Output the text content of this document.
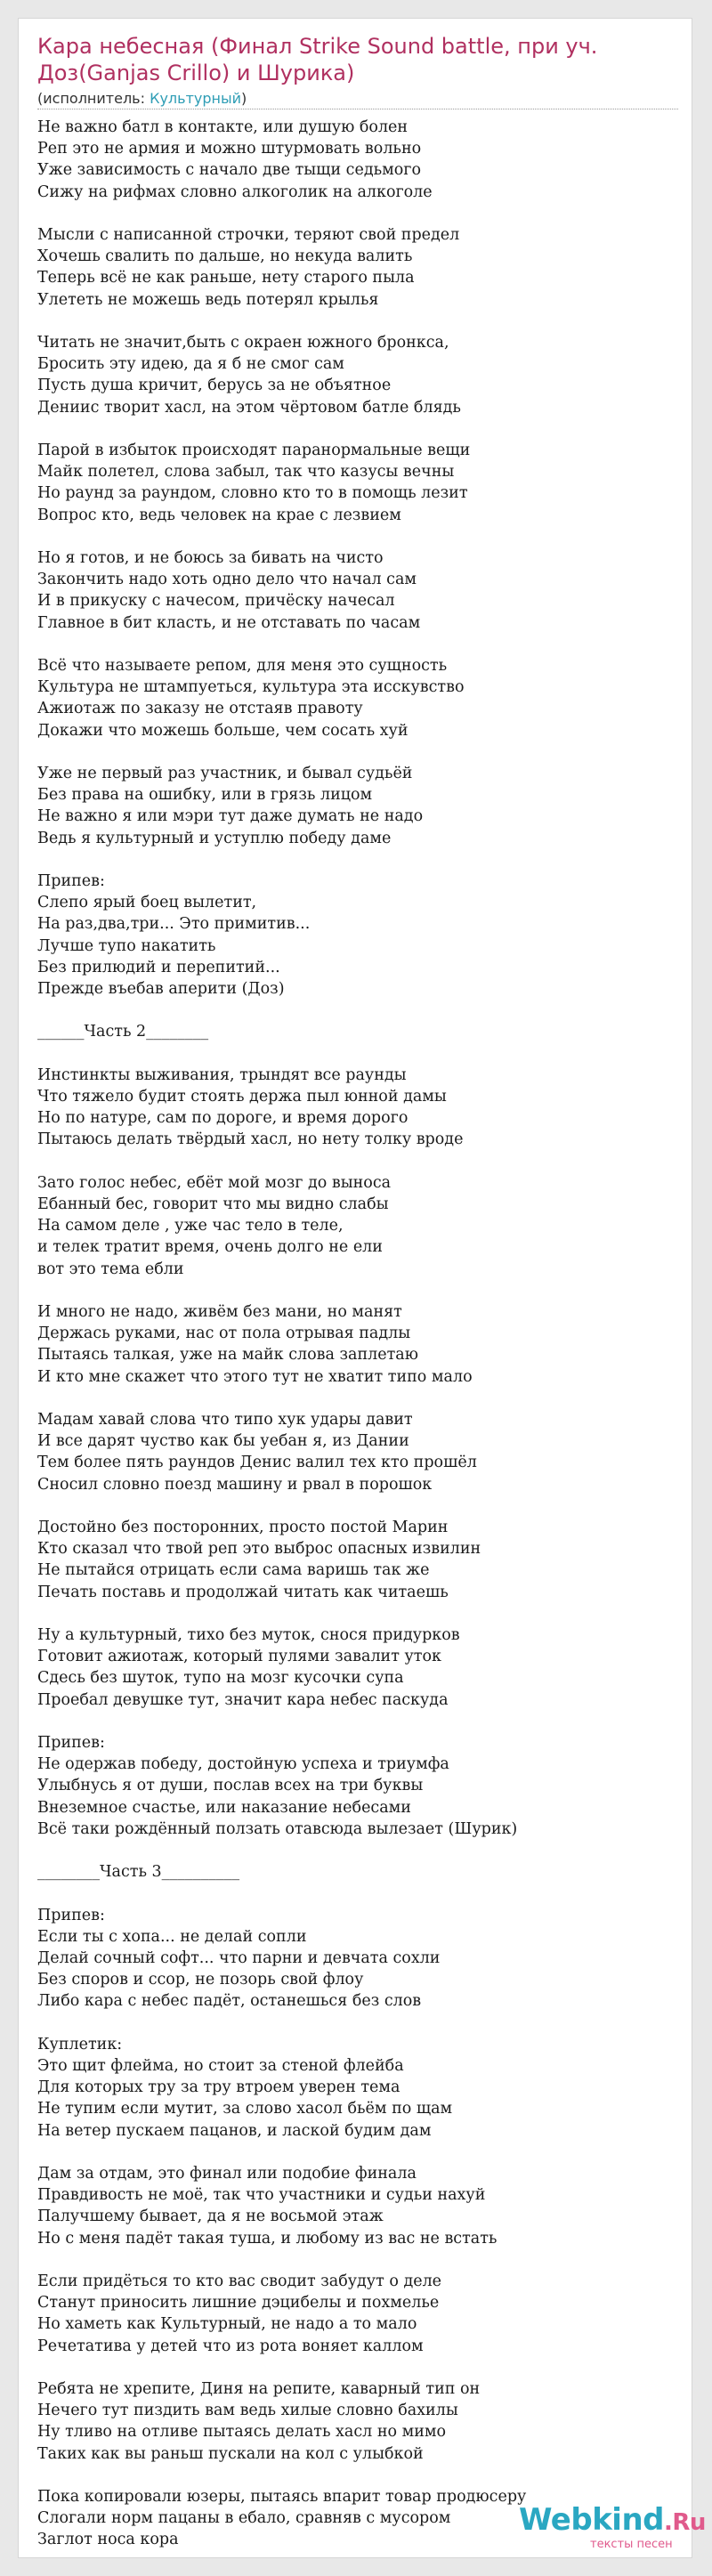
Кара небесная (Финал Strike Sound battle, при уч. Доз(Ganjas Crillo) и Шурика)
(исполнитель: Культурный)
Не важно батл в контакте, или душую болен
Реп это не армия и можно штурмовать вольно
Уже зависимость с начало две тыщи седьмого
Сижу на рифмах словно алкоголик на алкоголе
Мысли с написанной строчки, теряют свой предел
Хочешь свалить по дальше, но некуда валить
Теперь всё не как раньше, нету старого пыла
Улететь не можешь ведь потерял крылья
Читать не значит,быть с окраен южного бронкса,
Бросить эту идею, да я б не смог сам
Пусть душа кричит, берусь за не объятное
Дениис творит хасл, на этом чёртовом батле блядь
Парой в избыток происходят паранормальные вещи
Майк полетел, слова забыл, так что казусы вечны
Но раунд за раундом, словно кто то в помощь лезит
Вопрос кто, ведь человек на крае с лезвием
Но я готов, и не боюсь за бивать на чисто
Закончить надо хоть одно дело что начал сам
И в прикуску с начесом, причёску начесал
Главное в бит класть, и не отставать по часам
Всё что называете репом, для меня это сущность
Культура не штампуеться, культура эта исскувство
Ажиотаж по заказу не отстаяв правоту
Докажи что можешь больше, чем сосать хуй
Уже не первый раз участник, и бывал судьёй
Без права на ошибку, или в грязь лицом
Не важно я или мэри тут даже думать не надо
Ведь я культурный и уступлю победу даме
Припев:
Слепо ярый боец вылетит,
На раз,два,три... Это примитив...
Лучше тупо накатить
Без прилюдий и перепитий...
Прежде въебав аперити (Доз)
______Часть 2________
Инстинкты выживания, трындят все раунды
Что тяжело будит стоять держа пыл юнной дамы
Но по натуре, сам по дороге, и время дорого
Пытаюсь делать твёрдый хасл, но нету толку вроде
Зато голос небес, ебёт мой мозг до выноса
Ебанный бес, говорит что мы видно слабы
На самом деле , уже час тело в теле,
и телек тратит время, очень долго не ели
вот это тема ебли
И много не надо, живём без мани, но манят
Держась руками, нас от пола отрывая падлы
Пытаясь талкая, уже на майк слова заплетаю
И кто мне скажет что этого тут не хватит типо мало
Мадам хавай слова что типо хук удары давит
И все дарят чуство как бы уебан я, из Дании
Тем более пять раундов Денис валил тех кто прошёл
Сносил словно поезд машину и рвал в порошок
Достойно без посторонних, просто постой Марин
Кто сказал что твой реп это выброс опасных извилин
Не пытайся отрицать если сама варишь так же
Печать поставь и продолжай читать как читаешь
Ну а культурный, тихо без муток, снося придурков
Готовит ажиотаж, который пулями завалит уток
Сдесь без шуток, тупо на мозг кусочки супа
Проебал девушке тут, значит кара небес паскуда
Припев:
Не одержав победу, достойную успеха и триумфа
Улыбнусь я от души, послав всех на три буквы
Внеземное счастье, или наказание небесами
Всё таки рождённый ползать отавсюда вылезает (Шурик)
________Часть 3__________
Припев:
Если ты с хопа... не делай сопли
Делай сочный софт... что парни и девчата сохли
Без споров и ссор, не позорь свой флоу
Либо кара с небес падёт, останешься без слов
Куплетик:
Это щит флейма, но стоит за стеной флейба
Для которых тру за тру втроем уверен тема
Не тупим если мутит, за слово хасол бьём по щам
На ветер пускаем пацанов, и лаской будим дам
Дам за отдам, это финал или подобие финала
Правдивость не моё, так что участники и судьи нахуй
Палучшему бывает, да я не восьмой этаж
Но с меня падёт такая туша, и любому из вас не встать
Если придёться то кто вас сводит забудут о деле
Станут приносить лишние дэцибелы и похмелье
Но хаметь как Культурный, не надо а то мало
Речетатива у детей что из рота воняет каллом
Ребята не хрепите, Диня на репите, каварный тип он
Нечего тут пиздить вам ведь хилые словно бахилы
Ну тливо на отливе пытаясь делать хасл но мимо
Таких как вы раньш пускали на кол с улыбкой
Пока копировали юзеры, пытаясь впарит товар продюсеру
Слогали норм пацаны в ебало, сравняв с мусором
Заглот носа кора
Webkind.Ru
тексты песен
